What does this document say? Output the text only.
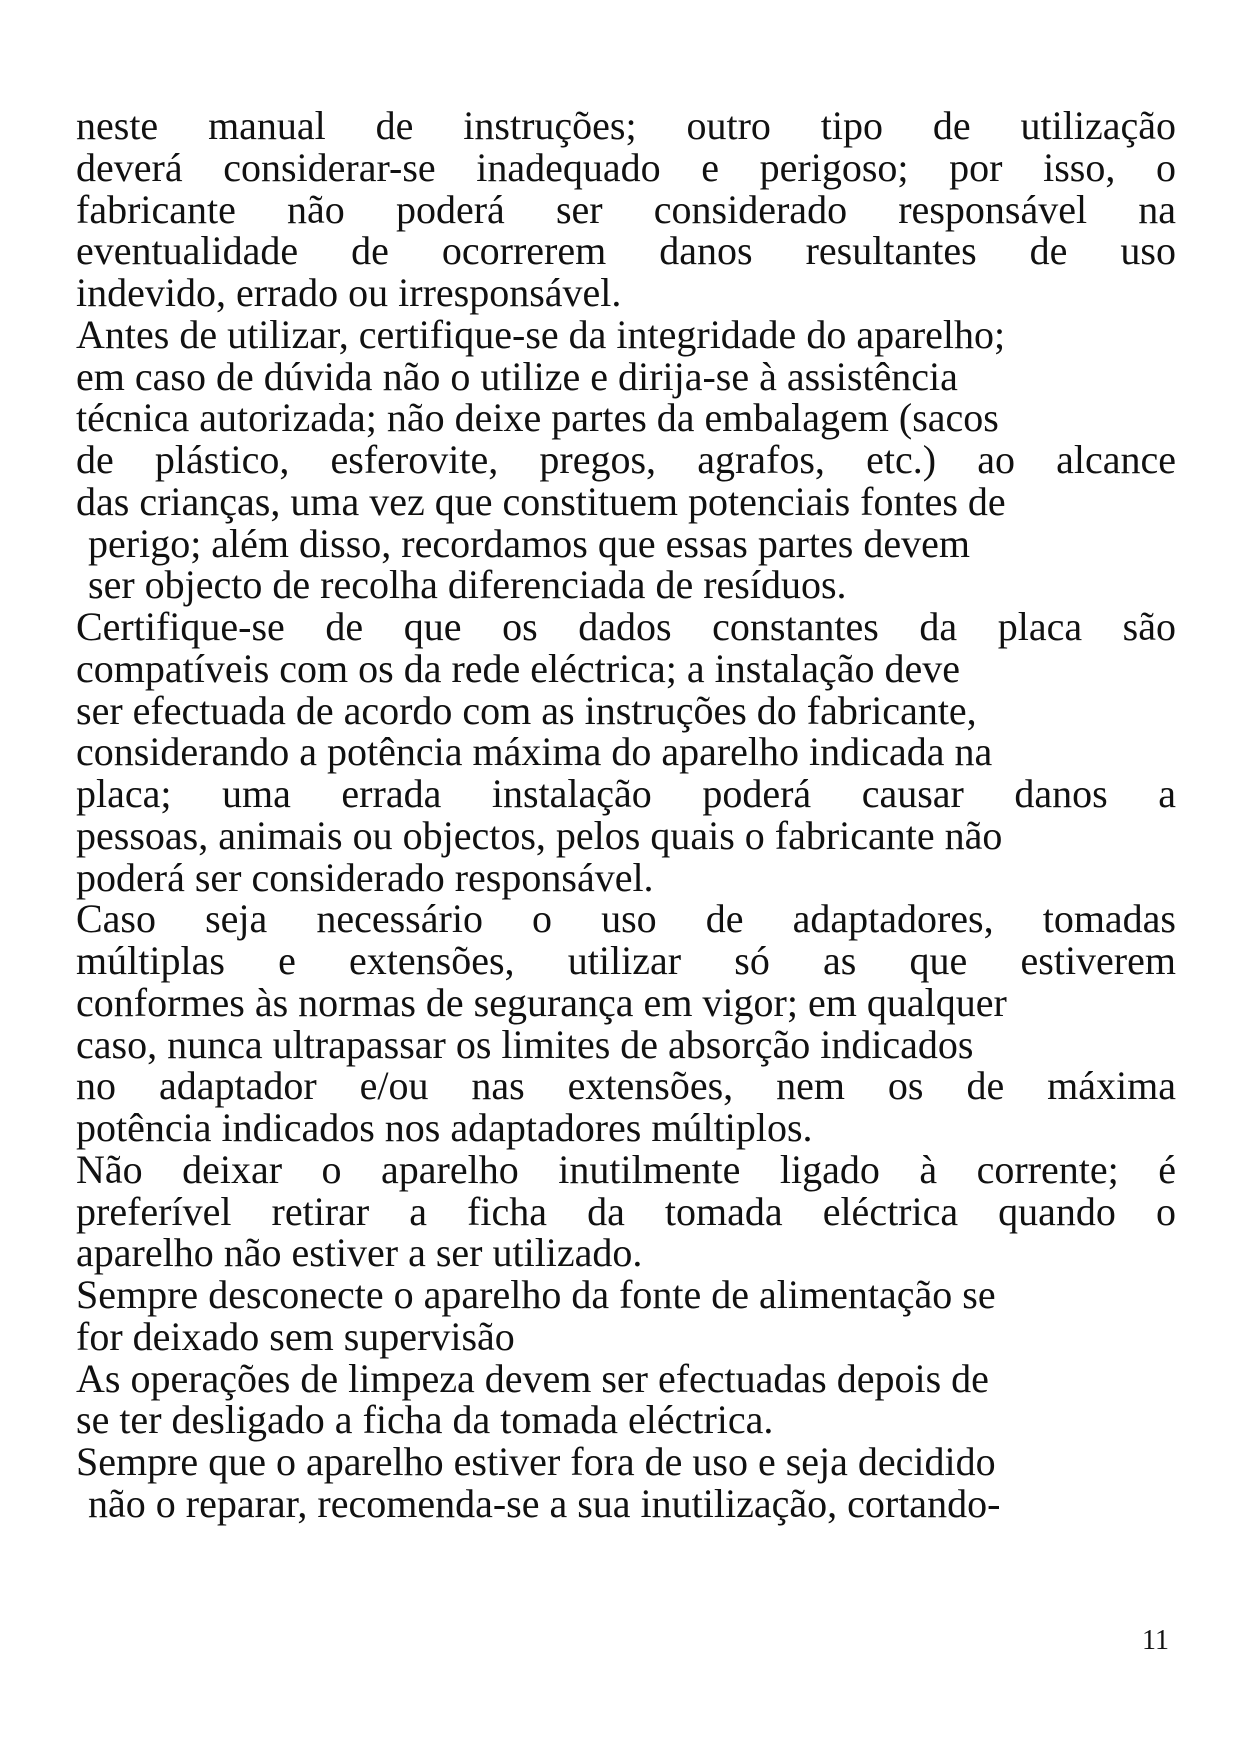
neste manual de instruções; outro tipo de utilização
deverá considerar-se inadequado e perigoso; por isso, o
fabricante não poderá ser considerado responsável na
eventualidade de ocorrerem danos resultantes de uso
indevido, errado ou irresponsável.
Antes de utilizar, certifique-se da integridade do aparelho;
em caso de dúvida não o utilize e dirija-se à assistência
técnica autorizada; não deixe partes da embalagem (sacos
de plástico, esferovite, pregos, agrafos, etc.) ao alcance
das crianças, uma vez que constituem potenciais fontes de
perigo; além disso, recordamos que essas partes devem
ser objecto de recolha diferenciada de resíduos.
Certifique-se de que os dados constantes da placa são
compatíveis com os da rede eléctrica; a instalação deve
ser efectuada de acordo com as instruções do fabricante,
considerando a potência máxima do aparelho indicada na
placa; uma errada instalação poderá causar danos a
pessoas, animais ou objectos, pelos quais o fabricante não
poderá ser considerado responsável.
Caso seja necessário o uso de adaptadores, tomadas
múltiplas e extensões, utilizar só as que estiverem
conformes às normas de segurança em vigor; em qualquer
caso, nunca ultrapassar os limites de absorção indicados
no adaptador e/ou nas extensões, nem os de máxima
potência indicados nos adaptadores múltiplos.
Não deixar o aparelho inutilmente ligado à corrente; é
preferível retirar a ficha da tomada eléctrica quando o
aparelho não estiver a ser utilizado.
Sempre desconecte o aparelho da fonte de alimentação se
for deixado sem supervisão
As operações de limpeza devem ser efectuadas depois de
se ter desligado a ficha da tomada eléctrica.
Sempre que o aparelho estiver fora de uso e seja decidido
não o reparar, recomenda-se a sua inutilização, cortando-
11
